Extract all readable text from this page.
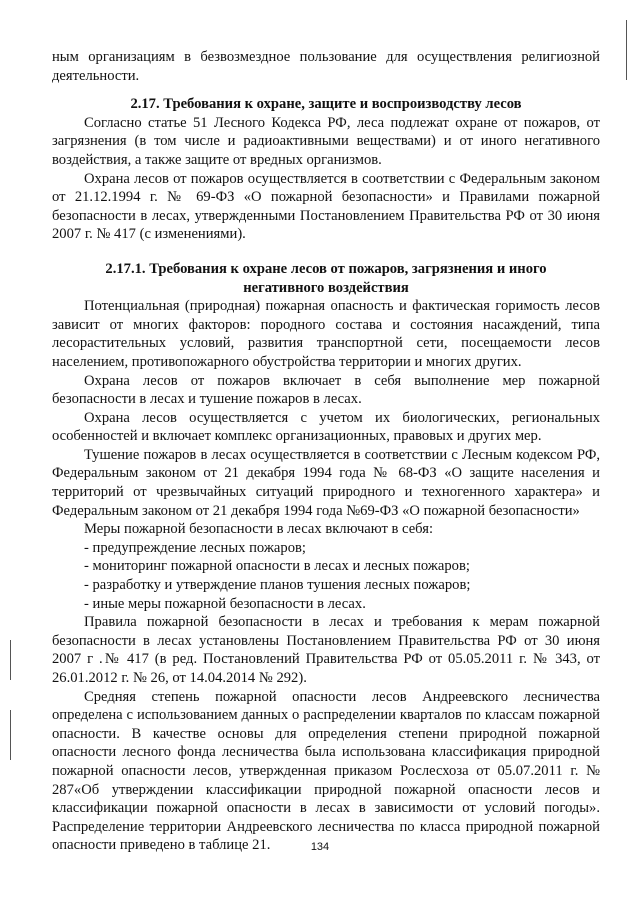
ным организациям в безвозмездное пользование для осуществления религиозной деятельности.

2.17. Требования к охране, защите и воспроизводству лесов

Согласно статье 51 Лесного Кодекса РФ, леса подлежат охране от пожаров, от загрязнения (в том числе и радиоактивными веществами) и от иного негативного воздействия, а также защите от вредных организмов.

Охрана лесов от пожаров осуществляется в соответствии с Федеральным законом от 21.12.1994 г. № 69-ФЗ «О пожарной безопасности» и Правилами пожарной безопасности в лесах, утвержденными Постановлением Правительства РФ от 30 июня 2007 г. № 417 (с изменениями).

2.17.1. Требования к охране лесов от пожаров, загрязнения и иного
негативного воздействия

Потенциальная (природная) пожарная опасность и фактическая горимость лесов зависит от многих факторов: породного состава и состояния насаждений, типа лесорастительных условий, развития транспортной сети, посещаемости лесов населением, противопожарного обустройства территории и многих других.

Охрана лесов от пожаров включает в себя выполнение мер пожарной безопасности в лесах и тушение пожаров в лесах.

Охрана лесов осуществляется с учетом их биологических, региональных особенностей и включает комплекс организационных, правовых и других мер.

Тушение пожаров в лесах осуществляется в соответствии с Лесным кодексом РФ, Федеральным законом от 21 декабря 1994 года № 68-ФЗ «О защите населения и территорий от чрезвычайных ситуаций природного и техногенного характера» и Федеральным законом от 21 декабря 1994 года №69-ФЗ «О пожарной безопасности»

Меры пожарной безопасности в лесах включают в себя:

- предупреждение лесных пожаров;

- мониторинг пожарной опасности в лесах и лесных пожаров;

- разработку и утверждение планов тушения лесных пожаров;

- иные меры пожарной безопасности в лесах.

Правила пожарной безопасности в лесах и требования к мерам пожарной безопасности в лесах установлены Постановлением Правительства РФ от 30 июня 2007 г .№ 417 (в ред. Постановлений Правительства РФ от 05.05.2011 г. № 343, от 26.01.2012 г. № 26, от 14.04.2014 № 292).

Средняя степень пожарной опасности лесов Андреевского лесничества определена с использованием данных о распределении кварталов по классам пожарной опасности. В качестве основы для определения степени природной пожарной опасности лесного фонда лесничества была использована классификация природной пожарной опасности лесов, утвержденная приказом Рослесхоза от 05.07.2011 г. № 287«Об утверждении классификации природной пожарной опасности лесов и классификации пожарной опасности в лесах в зависимости от условий погоды». Распределение территории Андреевского лесничества по класса природной пожарной опасности приведено в таблице 21.	134
